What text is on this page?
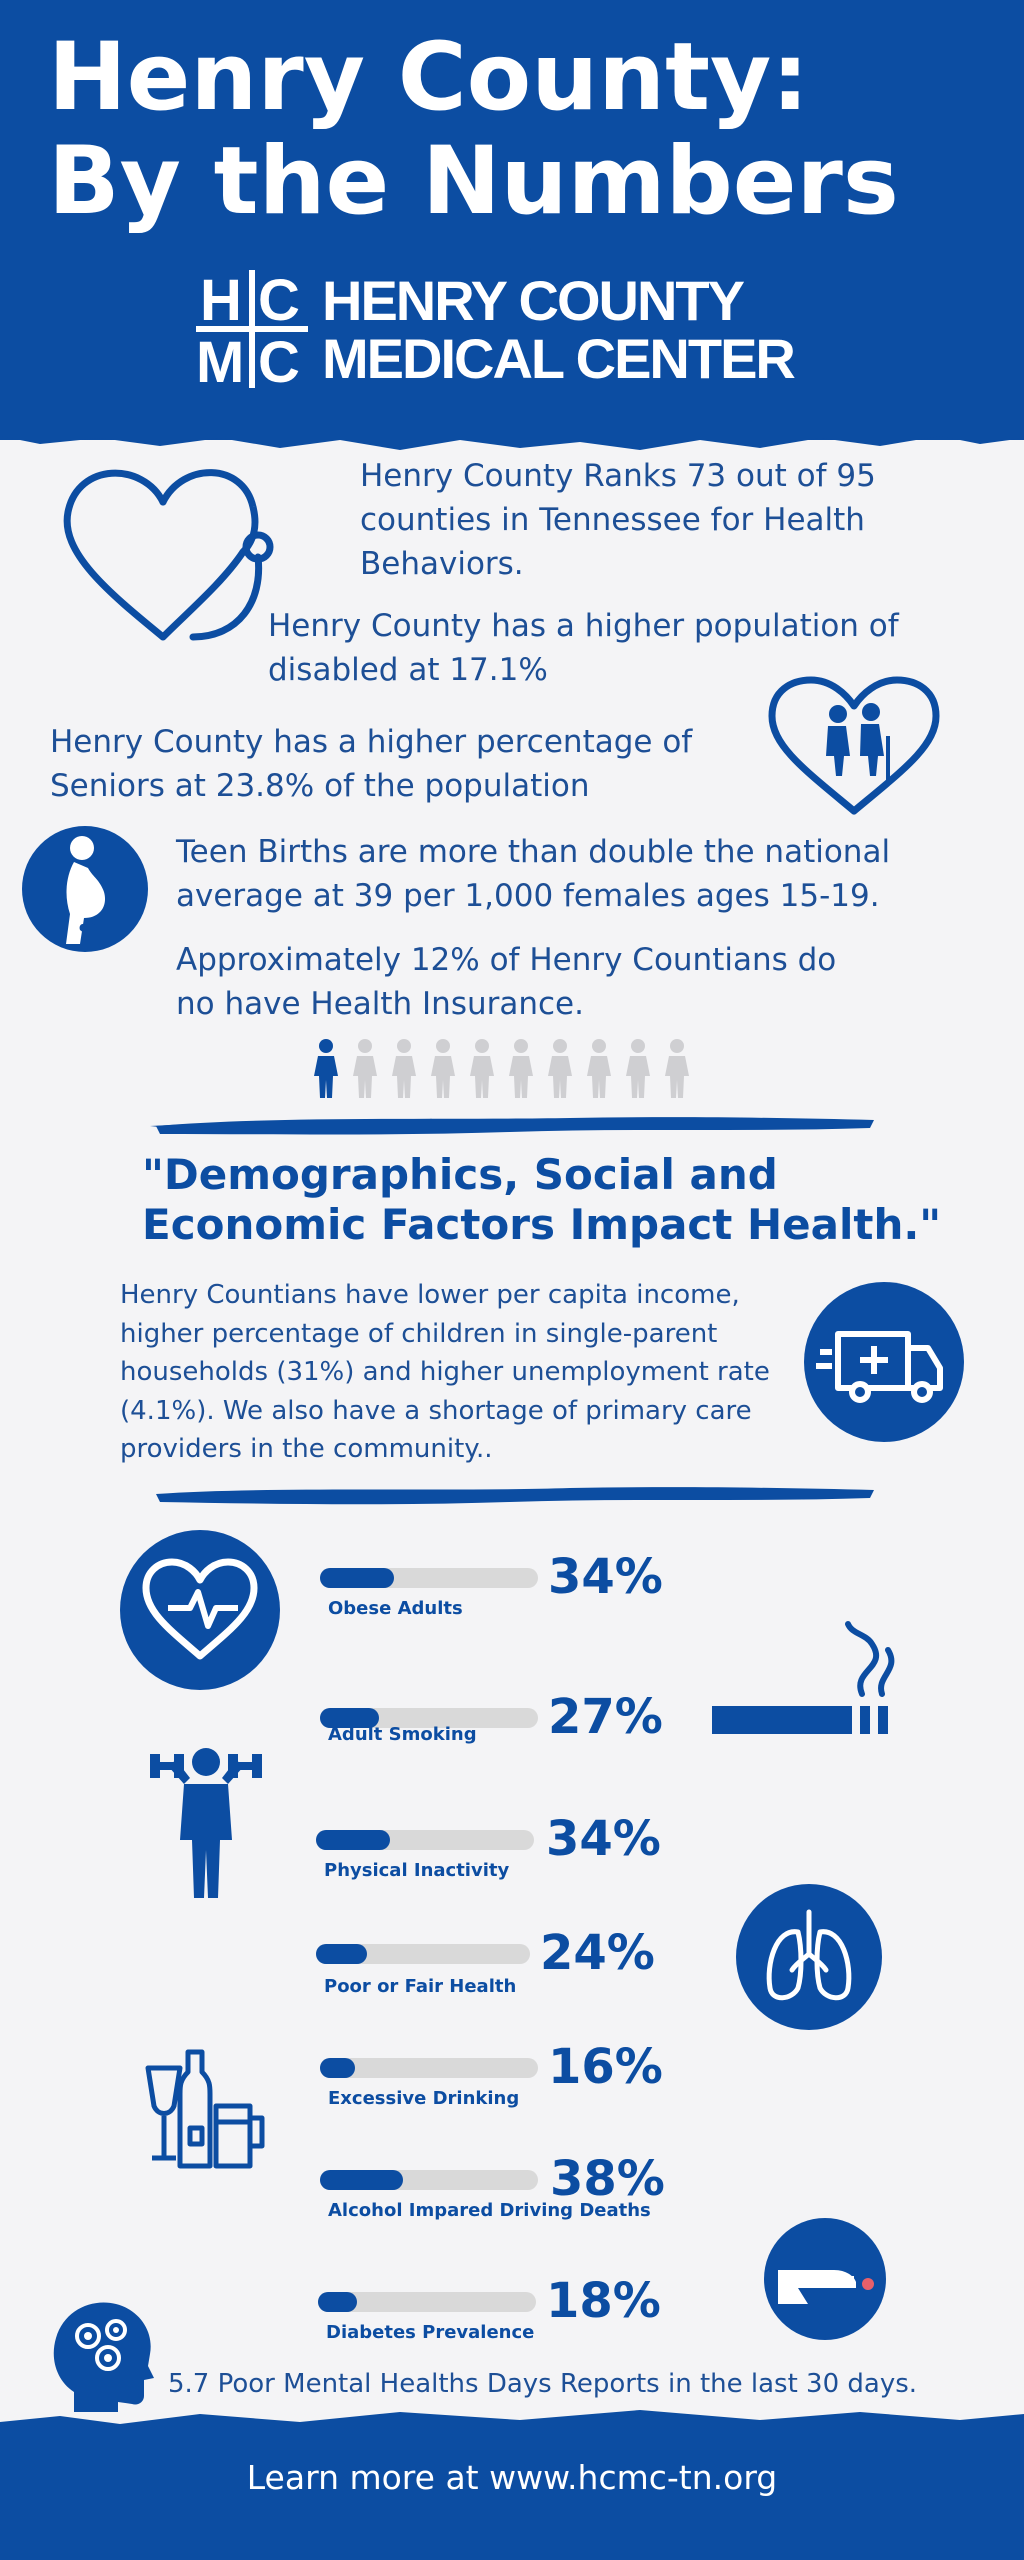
Henry County:
By the Numbers
H C
M C
HENRY COUNTY
MEDICAL CENTER
Henry County Ranks 73 out of 95 counties in Tennessee for Health Behaviors.
Henry County has a higher population of disabled at 17.1%
Henry County has a higher percentage of Seniors at 23.8% of the population
Teen Births are more than double the national average at 39 per 1,000 females ages 15-19.
Approximately 12% of Henry Countians do no have Health Insurance.
"Demographics, Social and Economic Factors Impact Health."
Henry Countians have lower per capita income, higher percentage of children in single-parent households (31%) and higher unemployment rate (4.1%). We also have a shortage of primary care providers in the community..
34%
Obese Adults
27%
Adult Smoking
34%
Physical Inactivity
24%
Poor or Fair Health
16%
Excessive Drinking
38%
Alcohol Impared Driving Deaths
18%
Diabetes Prevalence
5.7 Poor Mental Healths Days Reports in the last 30 days.
Learn more at www.hcmc-tn.org
